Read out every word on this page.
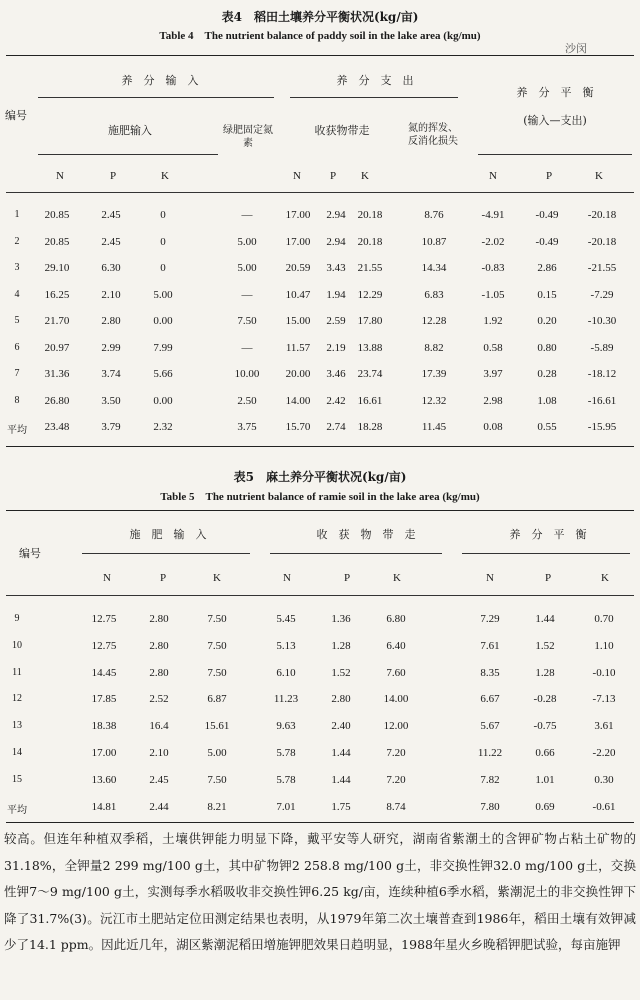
表4　稻田土壤养分平衡状况(kg/亩)
Table 4　The nutrient balance of paddy soil in the lake area (kg/mu)
沙闵
编号
养　分　输　入	养　分　支　出
养　分　平　衡
(输入—支出)
施肥输入	绿肥固定氮素
收获物带走	氮的挥发、反消化损失
N	P	K	N	P	K	N	P	K
1	20.85	2.45	0	—	17.00	2.94	20.18	8.76	-4.91	-0.49	-20.18
2	20.85	2.45	0	5.00	17.00	2.94	20.18	10.87	-2.02	-0.49	-20.18
3	29.10	6.30	0	5.00	20.59	3.43	21.55	14.34	-0.83	2.86	-21.55
4	16.25	2.10	5.00	—	10.47	1.94	12.29	6.83	-1.05	0.15	-7.29
5	21.70	2.80	0.00	7.50	15.00	2.59	17.80	12.28	1.92	0.20	-10.30
6	20.97	2.99	7.99	—	11.57	2.19	13.88	8.82	0.58	0.80	-5.89
7	31.36	3.74	5.66	10.00	20.00	3.46	23.74	17.39	3.97	0.28	-18.12
8	26.80	3.50	0.00	2.50	14.00	2.42	16.61	12.32	2.98	1.08	-16.61
平均	23.48	3.79	2.32	3.75	15.70	2.74	18.28	11.45	0.08	0.55	-15.95
表5　麻土养分平衡状况(kg/亩)
Table 5　The nutrient balance of ramie soil in the lake area (kg/mu)
编号
施　肥　输　入	收　获　物　带　走	养　分　平　衡
N	P	K	N	P	K	N	P	K
9	12.75	2.80	7.50	5.45	1.36	6.80	7.29	1.44	0.70
10	12.75	2.80	7.50	5.13	1.28	6.40	7.61	1.52	1.10
11	14.45	2.80	7.50	6.10	1.52	7.60	8.35	1.28	-0.10
12	17.85	2.52	6.87	11.23	2.80	14.00	6.67	-0.28	-7.13
13	18.38	16.4	15.61	9.63	2.40	12.00	5.67	-0.75	3.61
14	17.00	2.10	5.00	5.78	1.44	7.20	11.22	0.66	-2.20
15	13.60	2.45	7.50	5.78	1.44	7.20	7.82	1.01	0.30
平均	14.81	2.44	8.21	7.01	1.75	8.74	7.80	0.69	-0.61
较高。但连年种植双季稻，土壤供钾能力明显下降，戴平安等人研究，湖南省紫潮土的含钾矿物占粘土矿物的31.18%，全钾量2 299 mg/100 g土，其中矿物钾2 258.8 mg/100 g土，非交换性钾32.0 mg/100 g土，交换性钾7～9 mg/100 g土，实测每季水稻吸收非交换性钾6.25 kg/亩，连续种植6季水稻，紫潮泥土的非交换性钾下降了31.7%(3)。沅江市土肥站定位田测定结果也表明，从1979年第二次土壤普查到1986年，稻田土壤有效钾减少了14.1 ppm。因此近几年，湖区紫潮泥稻田增施钾肥效果日趋明显，1988年星火乡晚稻钾肥试验，每亩施钾
